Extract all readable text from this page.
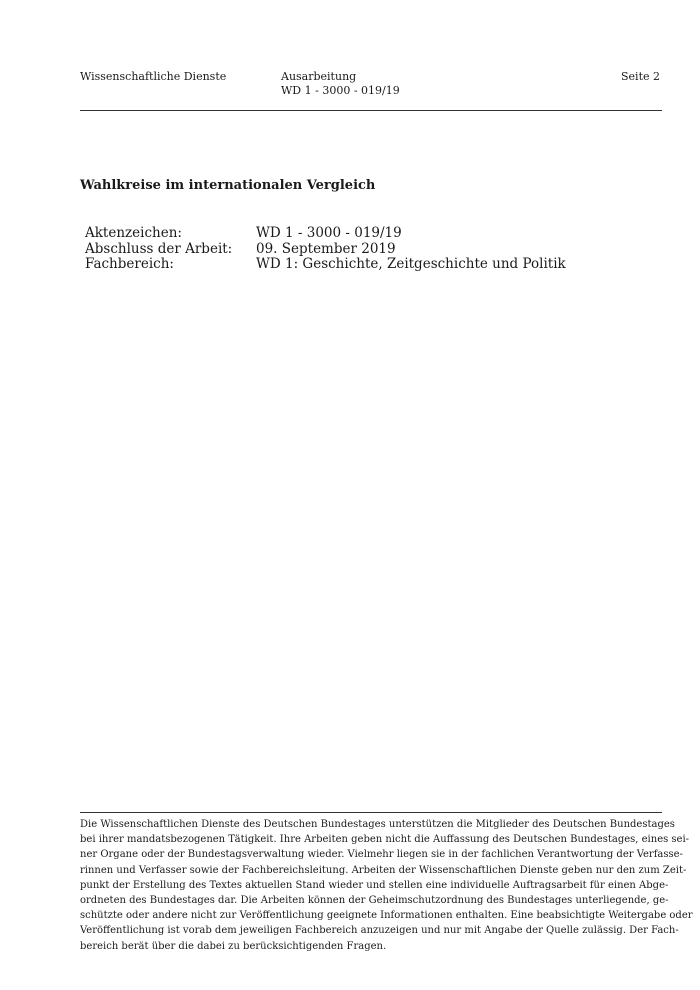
Wissenschaftliche Dienste	Ausarbeitung
WD 1 - 3000 - 019/19
Seite 2
Wahlkreise im internationalen Vergleich
Aktenzeichen:	WD 1 - 3000 - 019/19
Abschluss der Arbeit:	09. September 2019
Fachbereich:	WD 1: Geschichte, Zeitgeschichte und Politik
Die Wissenschaftlichen Dienste des Deutschen Bundestages unterstützen die Mitglieder des Deutschen Bundestages
bei ihrer mandatsbezogenen Tätigkeit. Ihre Arbeiten geben nicht die Auffassung des Deutschen Bundestages, eines sei-
ner Organe oder der Bundestagsverwaltung wieder. Vielmehr liegen sie in der fachlichen Verantwortung der Verfasse-
rinnen und Verfasser sowie der Fachbereichsleitung. Arbeiten der Wissenschaftlichen Dienste geben nur den zum Zeit-
punkt der Erstellung des Textes aktuellen Stand wieder und stellen eine individuelle Auftragsarbeit für einen Abge-
ordneten des Bundestages dar. Die Arbeiten können der Geheimschutzordnung des Bundestages unterliegende, ge-
schützte oder andere nicht zur Veröffentlichung geeignete Informationen enthalten. Eine beabsichtigte Weitergabe oder
Veröffentlichung ist vorab dem jeweiligen Fachbereich anzuzeigen und nur mit Angabe der Quelle zulässig. Der Fach-
bereich berät über die dabei zu berücksichtigenden Fragen.
